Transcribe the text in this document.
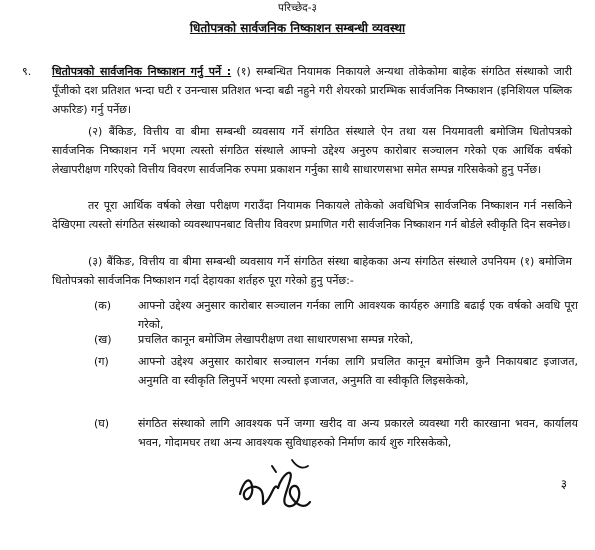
परिच्छेद-३
धितोपत्रको सार्वजनिक निष्काशन सम्बन्धी व्यवस्था
९. धितोपत्रको सार्वजनिक निष्काशन गर्नु पर्ने : (१) सम्बन्धित नियामक निकायले अन्यथा तोकेकोमा बाहेक संगठित संस्थाको जारी पूँजीको दश प्रतिशत भन्दा घटी र उनन्चास प्रतिशत भन्दा बढी नहुने गरी शेयरको प्रारम्भिक सार्वजनिक निष्काशन (इनिशियल पब्लिक अफरिङ) गर्नु पर्नेछ।
(२) बैंकिङ, वित्तीय वा बीमा सम्बन्धी व्यवसाय गर्ने संगठित संस्थाले ऐन तथा यस नियमावली बमोजिम धितोपत्रको सार्वजनिक निष्काशन गर्ने भएमा त्यस्तो संगठित संस्थाले आफ्नो उद्देश्य अनुरुप कारोबार सञ्चालन गरेको एक आर्थिक वर्षको लेखापरीक्षण गरिएको वित्तीय विवरण सार्वजनिक रुपमा प्रकाशन गर्नुका साथै साधारणसभा समेत सम्पन्न गरिसकेको हुनु पर्नेछ।
तर पूरा आर्थिक वर्षको लेखा परीक्षण गराउँदा नियामक निकायले तोकेको अवधिभित्र सार्वजनिक निष्काशन गर्न नसकिने देखिएमा त्यस्तो संगठित संस्थाको व्यवस्थापनबाट वित्तीय विवरण प्रमाणित गरी सार्वजनिक निष्काशन गर्न बोर्डले स्वीकृति दिन सक्नेछ।
(३) बैंकिङ, वित्तीय वा बीमा सम्बन्धी व्यवसाय गर्ने संगठित संस्था बाहेकका अन्य संगठित संस्थाले उपनियम (१) बमोजिम धितोपत्रको सार्वजनिक निष्काशन गर्दा देहायका शर्तहरु पूरा गरेको हुनु पर्नेछ:-
(क)	आफ्नो उद्देश्य अनुसार कारोबार सञ्चालन गर्नका लागि आवश्यक कार्यहरु अगाडि बढाई एक वर्षको अवधि पूरा गरेको,
(ख)	प्रचलित कानून बमोजिम लेखापरीक्षण तथा साधारणसभा सम्पन्न गरेको,
(ग)	आफ्नो उद्देश्य अनुसार कारोबार सञ्चालन गर्नका लागि प्रचलित कानून बमोजिम कुनै निकायबाट इजाजत, अनुमति वा स्वीकृति लिनुपर्ने भएमा त्यस्तो इजाजत, अनुमति वा स्वीकृति लिइसकेको,
(घ)	संगठित संस्थाको लागि आवश्यक पर्ने जग्गा खरीद वा अन्य प्रकारले व्यवस्था गरी कारखाना भवन, कार्यालय भवन, गोदामघर तथा अन्य आवश्यक सुविधाहरुको निर्माण कार्य शुरु गरिसकेको,
३
